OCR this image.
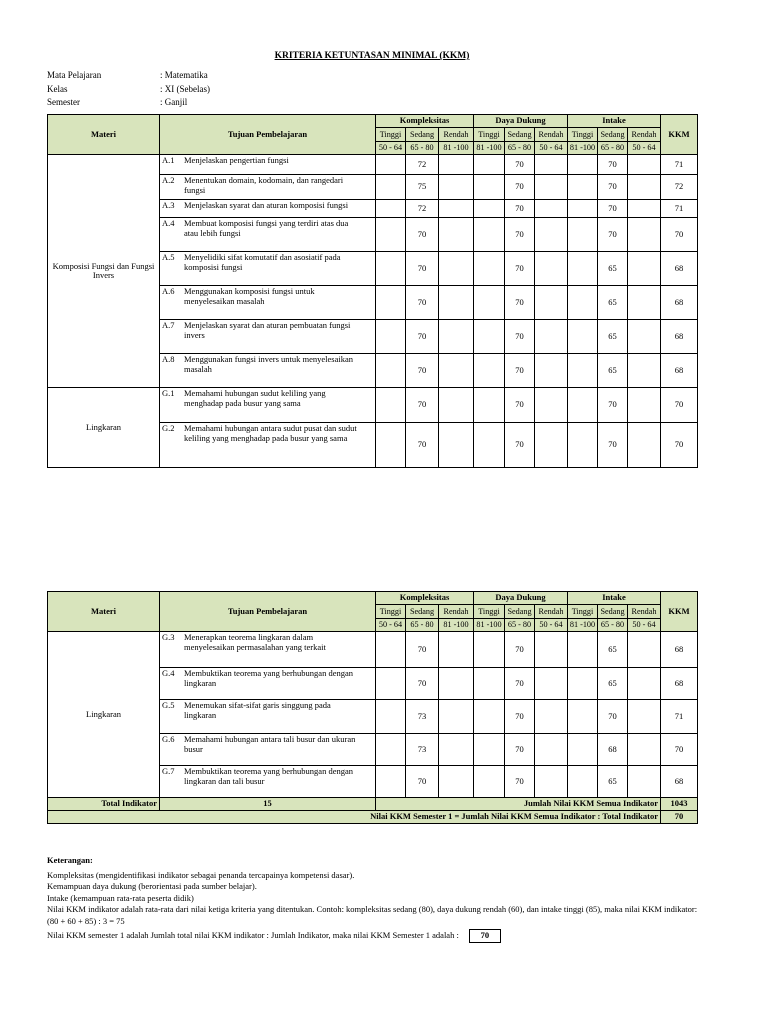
KRITERIA KETUNTASAN MINIMAL (KKM)
Mata Pelajaran	: Matematika
Kelas	: XI (Sebelas)
Semester	: Ganjil
Materi	Tujuan Pembelajaran	Kompleksitas			Daya Dukung			Intake			KKM
		Tinggi	Sedang	Rendah	Tinggi	Sedang	Rendah	Tinggi	Sedang	Rendah	
		50 - 64	65 - 80	81 -100	81 -100	65 - 80	50 - 64	81 -100	65 - 80	50 - 64	
Komposisi Fungsi dan Fungsi Invers	A.1 Menjelaskan pengertian fungsi		72			70			70		71
	A.2 Menentukan domain, kodomain, dan rangedari fungsi		75			70			70		72
	A.3 Menjelaskan syarat dan aturan komposisi fungsi		72			70			70		71
	A.4 Membuat komposisi fungsi yang terdiri atas dua atau lebih fungsi		70			70			70		70
	A.5 Menyelidiki sifat komutatif dan asosiatif pada komposisi fungsi		70			70			65		68
	A.6 Menggunakan komposisi fungsi untuk menyelesaikan masalah		70			70			65		68
	A.7Menjelaskan syarat dan aturan pembuatan fungsi invers		70			70			65		68
	A.8 Menggunakan fungsi invers untuk menyelesaikan masalah		70			70			65		68
Lingkaran	G.1 Memahami hubungan sudut keliling yang menghadap pada busur yang sama		70			70			70		70
	G.2 Memahami hubungan antara sudut pusat dan sudut keliling yang menghadap pada busur yang sama		70			70			70		70
Materi	Tujuan Pembelajaran	Kompleksitas			Daya Dukung			Intake			KKM
		Tinggi	Sedang	Rendah	Tinggi	Sedang	Rendah	Tinggi	Sedang	Rendah	
		50 - 64	65 - 80	81 -100	81 -100	65 - 80	50 - 64	81 -100	65 - 80	50 - 64	
Lingkaran	G.3 Menerapkan teorema lingkaran dalam menyelesaikan permasalahan yang terkait		70			70			65		68
	G.4 Membuktikan teorema yang berhubungan dengan lingkaran		70			70			65		68
	G.5 Menemukan sifat-sifat garis singgung pada lingkaran		73			70			70		71
	G.6 Memahami hubungan antara tali busur dan ukuran busur		73			70			68		70
	G.7 Membuktikan teorema yang berhubungan dengan lingkaran dan tali busur		70			70			65		68
Total Indikator	15	Jumlah Nilai KKM Semua Indikator									1043
Nilai KKM Semester 1 = Jumlah Nilai KKM Semua Indikator : Total Indikator											70

Keterangan:

Kompleksitas (mengidentifikasi indikator sebagai penanda tercapainya kompetensi dasar).

Kemampuan daya dukung (berorientasi pada sumber belajar).

Intake (kemampuan rata-rata peserta didik)

Nilai KKM indikator adalah rata-rata dari nilai ketiga kriteria yang ditentukan. Contoh: kompleksitas sedang (80), daya dukung rendah (60), dan intake tinggi (85), maka nilai KKM indikator:(80 + 60 + 85) : 3 = 75

Nilai KKM semester 1 adalah Jumlah total nilai KKM indikator : Jumlah Indikator, maka nilai KKM Semester 1 adalah :	70
